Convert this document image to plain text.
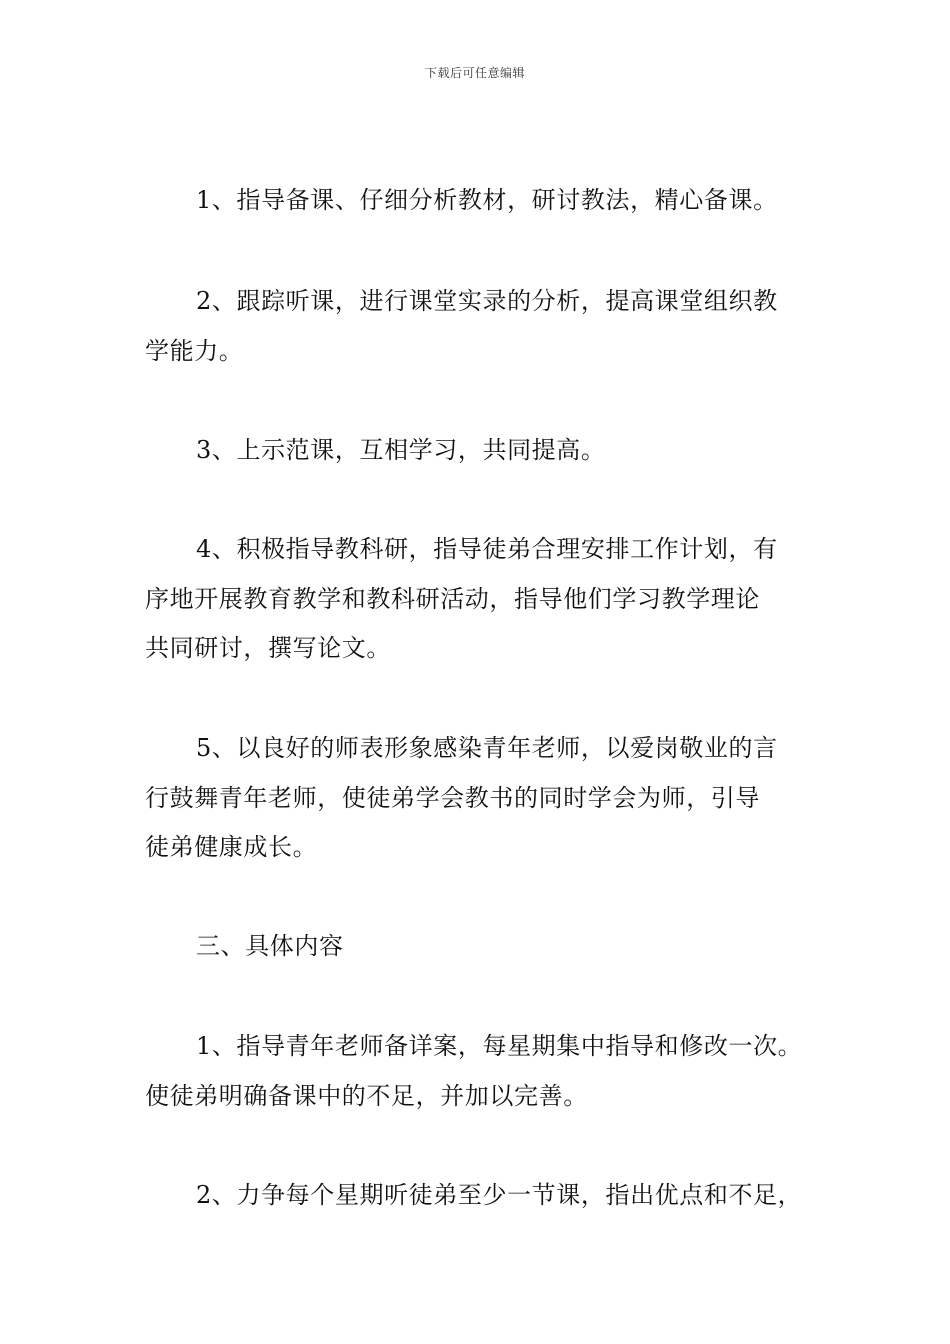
下载后可任意编辑
1、指导备课、仔细分析教材，研讨教法，精心备课。
2、跟踪听课，进行课堂实录的分析，提高课堂组织教
学能力。
3、上示范课，互相学习，共同提高。
4、积极指导教科研，指导徒弟合理安排工作计划，有
序地开展教育教学和教科研活动，指导他们学习教学理论
共同研讨，撰写论文。
5、以良好的师表形象感染青年老师，以爱岗敬业的言
行鼓舞青年老师，使徒弟学会教书的同时学会为师，引导
徒弟健康成长。
三、具体内容
1、指导青年老师备详案，每星期集中指导和修改一次。
使徒弟明确备课中的不足，并加以完善。
2、力争每个星期听徒弟至少一节课，指出优点和不足，
